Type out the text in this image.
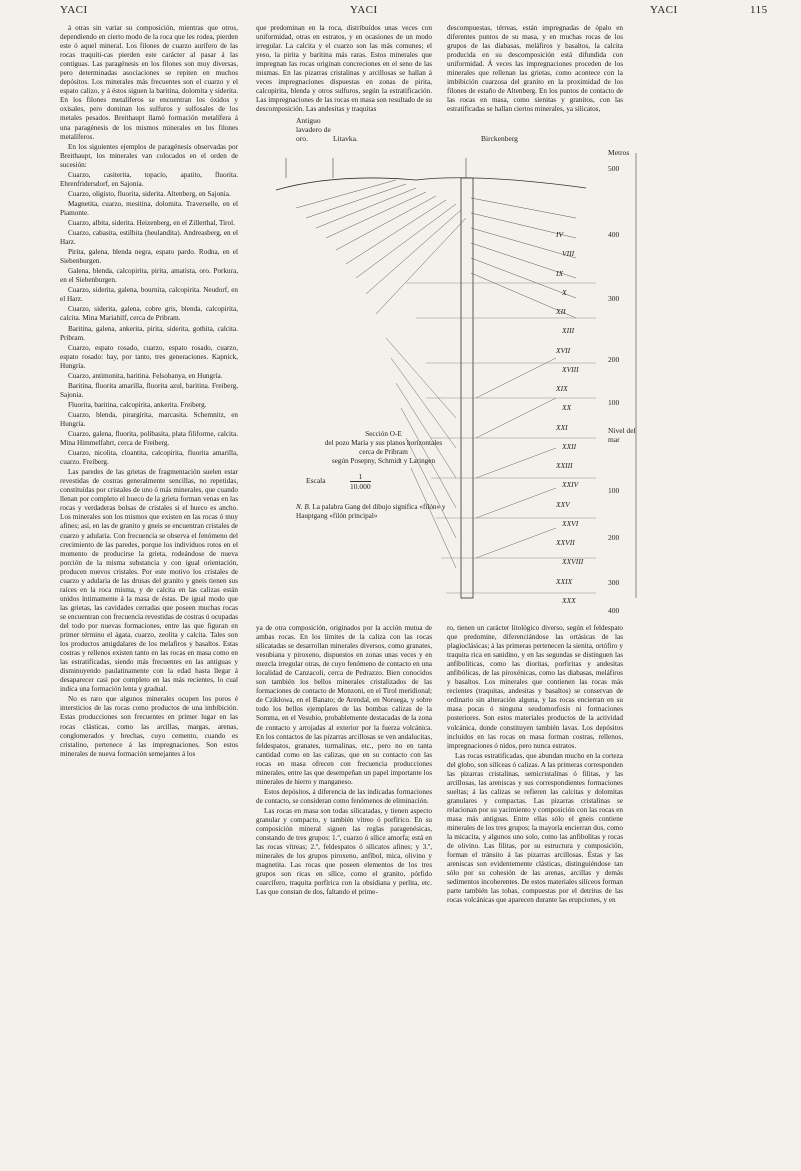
YACI	YACI	YACI	115

á otras sin variar su composición, mientras que otros, dependiendo en cierto modo de la roca que les rodea, pierden este ó aquel mineral. Los filones de cuarzo aurífero de las rocas traquíti-cas pierden este carácter al pasar á las contiguas. Las paragénesis en los filones son muy diversas, pero determinadas asociaciones se repiten en muchos depósitos. Los minerales más frecuentes son el cuarzo y el espato calizo, y á éstos siguen la baritina, dolomita y siderita. En los filones metalíferos se encuentran los óxidos y oxisales, pero dominan los sulfuros y sulfosales de los metales pesados. Breithaupt llamó formación metalífera á una paragénesis de los mismos minerales en los filones metalíferos.

En los siguientes ejemplos de paragénesis observadas por Breithaupt, los minerales van colocados en el orden de sucesión:

Cuarzo, casiterita, topacio, apatito, fluorita. Ehrenfridersdorf, en Sajonia.

Cuarzo, oligisto, fluorita, siderita. Altenberg, en Sajonia.

Magnetita, cuarzo, mesitina, dolomita. Traverselle, en el Piamonte.

Cuarzo, albita, siderita. Heizenberg, en el Zillerthal, Tirol.

Cuarzo, cabasita, estilbita (heulandita). Andreasberg, en el Harz.

Pirita, galena, blenda negra, espato pardo. Rodna, en el Siebenburgen.

Galena, blenda, calcopirita, pirita, amatista, oro. Porkura, en el Siebenburgen.

Cuarzo, siderita, galena, bournita, calcopirita. Neudorf, en el Harz.

Cuarzo, siderita, galena, cobre gris, blenda, calcopirita, calcita. Mina Mariahilf, cerca de Pribram.

Baritina, galena, ankerita, pirita, siderita, gothita, calcita. Pribram.

Cuarzo, espato rosado, cuarzo, espato rosado, cuarzo, espato rosado: hay, por tanto, tres generaciones. Kapnick, Hungría.

Cuarzo, antimonita, baritina. Felsobanya, en Hungría.

Baritina, fluorita amarilla, fluorita azul, baritina. Freiberg, Sajonia.

Fluorita, baritina, calcopirita, ankerita. Freiberg.

Cuarzo, blenda, pirargirita, marcasita. Schemnitz, en Hungría.

Cuarzo, galena, fluorita, polibasita, plata filiforme, calcita. Mina Himmelfahrt, cerca de Freiberg.

Cuarzo, nicolita, cloantita, calcopirita, fluorita amarilla, cuarzo. Freiberg.

Las paredes de las grietas de fragmentación suelen estar revestidas de costras generalmente sencillas, no repetidas, constituídas por cristales de uno ó más minerales, que cuando llenan por completo el hueco de la grieta forman venas en las rocas y verdaderas bolsas de cristales si el hueco es ancho. Los minerales son los mismos que existen en las rocas ó muy afines; así, en las de granito y gneis se encuentran cristales de cuarzo y adularia. Con frecuencia se observa el fenómeno del crecimiento de las paredes, porque los individuos rotos en el momento de producirse la grieta, rodeándose de nueva porción de la misma substancia y con igual orientación, producen nuevos cristales. Por este motivo los cristales de cuarzo y adularia de las drusas del granito y gneis tienen sus raíces en la roca misma, y de calcita en las calizas están unidos íntimamente á la masa de éstas. De igual modo que las grietas, las cavidades cerradas que poseen muchas rocas se encuentran con frecuencia revestidas de costras ú ocupadas del todo por nuevas formaciones, entre las que figuran en primer término el ágata, cuarzo, zeolita y calcita. Tales son los productos amigdalares de los melafiros y basaltos. Estas costras y rellenos existen tanto en las rocas en masa como en las estratificadas, siendo más frecuentes en las antiguas y disminuyendo paulatinamente con la edad hasta llegar á desaparecer casi por completo en las más recientes, lo cual indica una formación lenta y gradual.

No es raro que algunos minerales ocupen los poros é intersticios de las rocas como productos de una imbibición. Estas producciones son frecuentes en primer lugar en las rocas clásticas, como las arcillas, margas, arenas, conglomerados y brechas, cuyo cemento, cuando es cristalino, pertenece á las impregnaciones. Son estos minerales de nueva formación semejantes á los

que predominan en la roca, distribuídos unas veces con uniformidad, otras en estratos, y en ocasiones de un modo irregular. La calcita y el cuarzo son las más comunes; el yeso, la pirita y baritina más raras. Estos minerales que impregnan las rocas originan concreciones en el seno de las mismas. En las pizarras cristalinas y arcillosas se hallan á veces impregnaciones dispuestas en zonas de pirita, calcopirita, blenda y otros sulfuros, según la estratificación. Las impregnaciones de las rocas en masa son resultado de su descomposición. Las andesitas y traquitas

descompuestas, térreas, están impregnadas de ópalo en diferentes puntos de su masa, y en muchas rocas de los grupos de las diabasas, meláfiros y basaltos, la calcita producida en su descomposición está difundida con uniformidad. Á veces las impregnaciones proceden de los minerales que rellenan las grietas, como acontece con la imbibición cuarzosa del granito en la proximidad de los filones de estaño de Altenberg. En los puntos de contacto de las rocas en masa, como sienitas y granitos, con las estratificadas se hallan ciertos minerales, ya silicatos,

Antiguo
lavadero de
oro.	Litavka.	Birckenberg
Sección O-E
del pozo María y sus planos horizontales
cerca de Pribram
según Posepny, Schmidt y Laringen
Escala	$\frac{1}{10.000}$
N. B. La palabra Gang del dibujo significa «filón» y Hauptgang «filón principal»
Metros
500
400
300
200
100
Nivel del mar
100
200
300
400
IV
VIII
IX
X
XII
XIII
XVII
XVIII
XIX
XX
XXI
XXII
XXIII
XXIV
XXV
XXVI
XXVII
XXVIII
XXIX
XXX

ya de otra composición, originados por la acción mutua de ambas rocas. En los límites de la caliza con las rocas silicatadas se desarrollan minerales diversos, como granates, vesubiana y piroxeno, dispuestos en zonas unas veces y en mezcla irregular otras, de cuyo fenómeno de contacto en una localidad de Canzacoli, cerca de Pedrazzo. Bien conocidos son también los bellos minerales cristalizados de las formaciones de contacto de Monzoni, en el Tirol meridional; de Czikłowa, en el Banato; de Arendal, en Noruega, y sobre todo los bellos ejemplares de las bombas calizas de la Somma, en el Vesubio, probablemente destacadas de la zona de contacto y arrojadas al exterior por la fuerza volcánica. En los contactos de las pizarras arcillosas se ven andalucitas, feldespatos, granates, turmalinas, etc., pero no en tanta cantidad como en las calizas, que en su contacto con las rocas en masa ofrecen con frecuencia producciones minerales, entre las que desempeñan un papel importante los minerales de hierro y manganeso.

Estos depósitos, á diferencia de las indicadas formaciones de contacto, se consideran como fenómenos de eliminación.

Las rocas en masa son todas silicatadas, y tienen aspecto granular y compacto, y también vítreo ó porfírico. En su composición mineral siguen las reglas paragenésicas, constando de tres grupos: 1.º, cuarzo ó sílice amorfa; está en las rocas vítreas; 2.º, feldespatos ó silicatos afines; y 3.º, minerales de los grupos piroxeno, anfíbol, mica, olivino y magnetita. Las rocas que poseen elementos de los tres grupos son ricas en sílice, como el granito, pórfido cuarcífero, traquita porfírica con la obsidiana y perlita, etc. Las que constan de dos, faltando el prime-

ro, tienen un carácter litológico diverso, según el feldespato que predomine, diferenciándose las ortásicas de las plagioclásicas; á las primeras pertenecen la sienita, ortófiro y traquita rica en sanidino, y en las segundas se distinguen las anfibolíticas, como las dioritas, porfiritas y andesitas anfibólicas, de las piroxénicas, como las diabasas, meláfiros y basaltos. Los minerales que contienen las rocas más recientes (traquitas, andesitas y basaltos) se conservan de ordinario sin alteración alguna, y las rocas encierran en su masa pocas ó ninguna seudomorfosis ni formaciones posteriores. Son estos materiales productos de la actividad volcánica, donde constituyen también lavas. Los depósitos incluídos en las rocas en masa forman costras, rellenos, impregnaciones ó nidos, pero nunca estratos.

Las rocas estratificadas, que abundan mucho en la corteza del globo, son silíceas ó calizas. A las primeras corresponden las pizarras cristalinas, semicristalinas ó filitas, y las arcillosas, las areniscas y sus correspondientes formaciones sueltas; á las calizas se refieren las calcitas y dolomitas granulares y compactas. Las pizarras cristalinas se relacionan por su yacimiento y composición con las rocas en masa más antiguas. Entre ellas sólo el gneis contiene minerales de los tres grupos; la mayoría encierran dos, como la micacita, y algunos uno solo, como las anfibolitas y rocas de olivino. Las filitas, por su estructura y composición, forman el tránsito á las pizarras arcillosas. Éstas y las areniscas son evidentemente clásticas, distinguiéndose tan sólo por su cohesión de las arenas, arcillas y demás sedimentos incoherentes. De estos materiales silíceos forman parte también las tobas, compuestas por el detritus de las rocas volcánicas que aparecen durante las erupciones, y en
